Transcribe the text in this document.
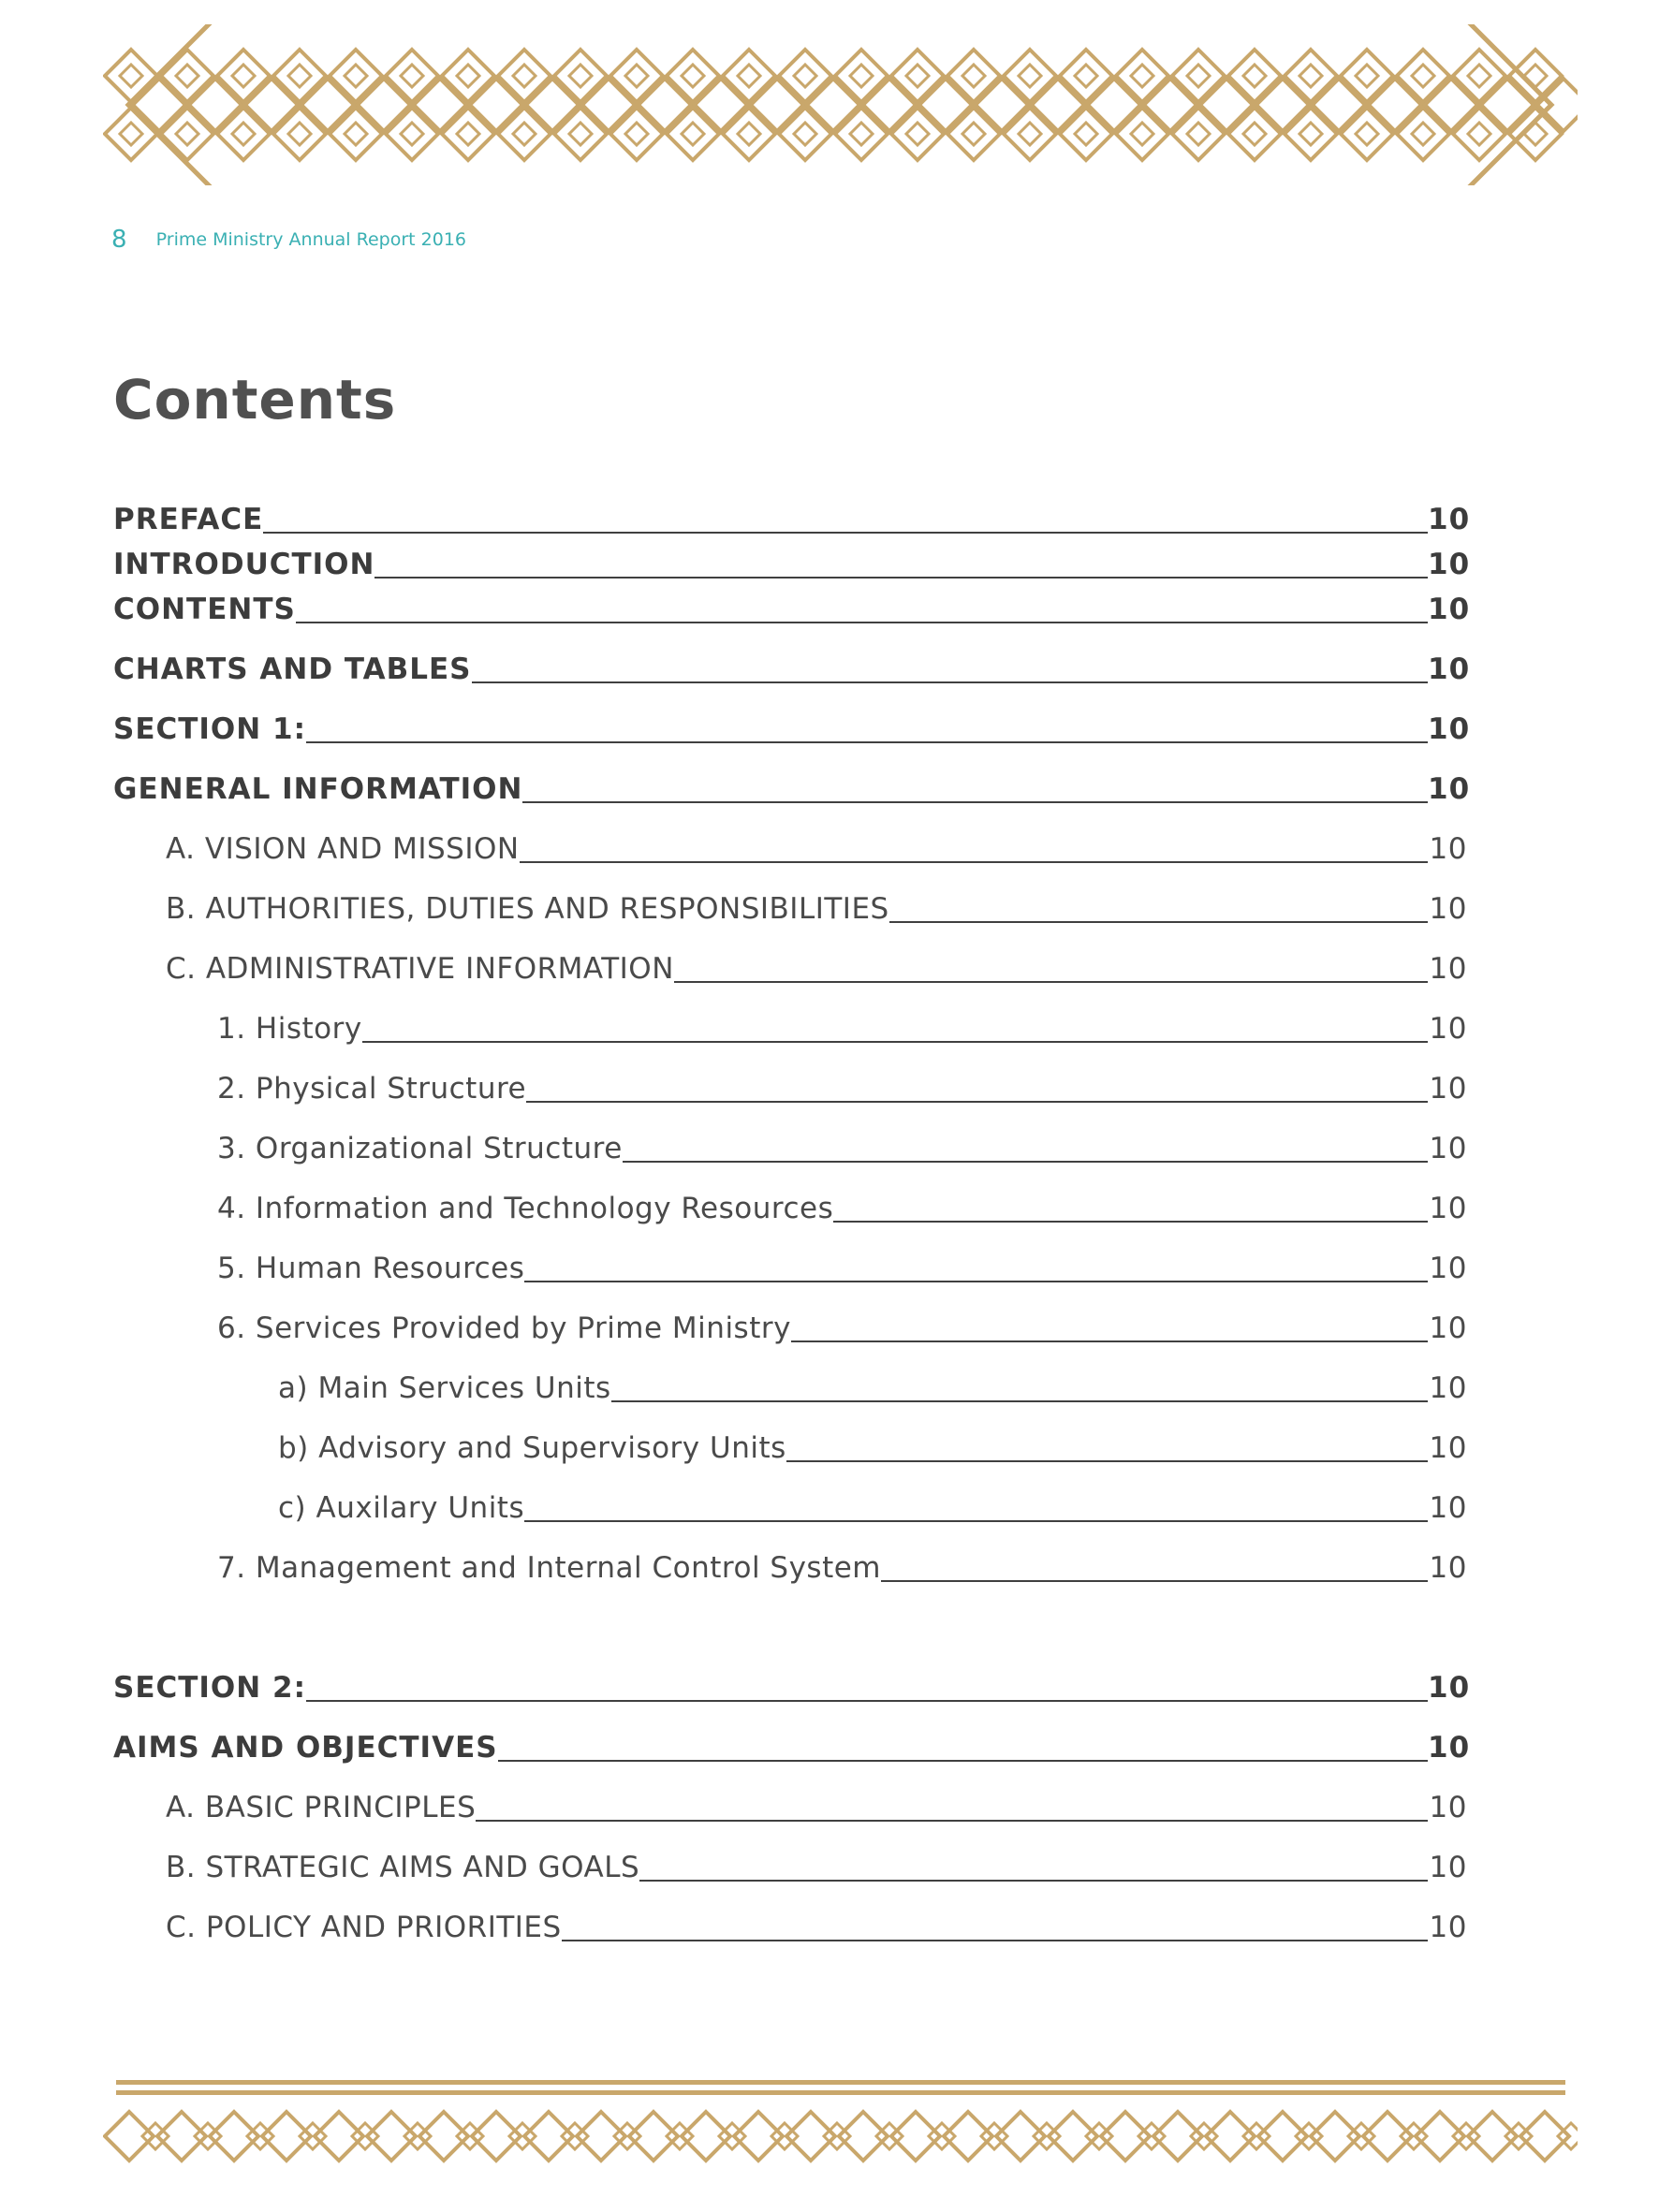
8 Prime Ministry Annual Report 2016
Contents
PREFACE	10
INTRODUCTION	10
CONTENTS	10
CHARTS AND TABLES	10
SECTION 1:	10
GENERAL INFORMATION	10
A. VISION AND MISSION	10
B. AUTHORITIES, DUTIES AND RESPONSIBILITIES	10
C. ADMINISTRATIVE INFORMATION	10
1. History	10
2. Physical Structure	10
3. Organizational Structure	10
4. Information and Technology Resources	10
5. Human Resources	10
6. Services Provided by Prime Ministry	10
a) Main Services Units	10
b) Advisory and Supervisory Units	10
c) Auxilary Units	10
7. Management and Internal Control System	10
SECTION 2:	10
AIMS AND OBJECTIVES	10
A. BASIC PRINCIPLES	10
B. STRATEGIC AIMS AND GOALS	10
C. POLICY AND PRIORITIES	10
